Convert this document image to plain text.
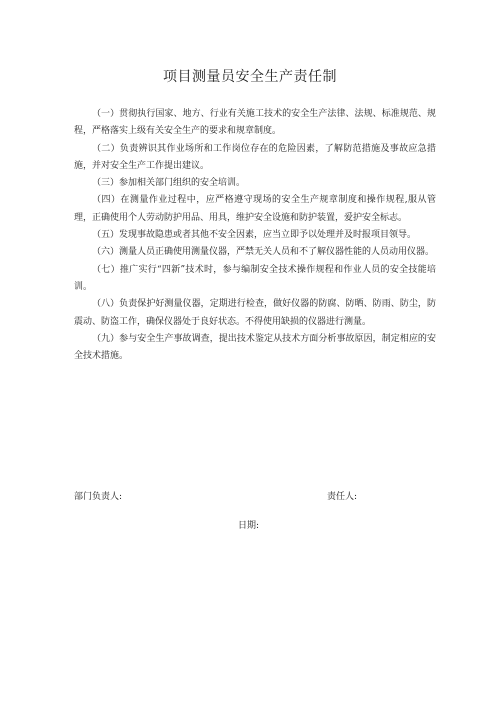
项目测量员安全生产责任制

（一）贯彻执行国家、地方、行业有关施工技术的安全生产法律、法规、标准规范、规程，严格落实上级有关安全生产的要求和规章制度。

（二）负责辨识其作业场所和工作岗位存在的危险因素，了解防范措施及事故应急措施，并对安全生产工作提出建议。

（三）参加相关部门组织的安全培训。

（四）在测量作业过程中，应严格遵守现场的安全生产规章制度和操作规程,服从管理，正确使用个人劳动防护用品、用具，维护安全设施和防护装置，爱护安全标志。

（五）发现事故隐患或者其他不安全因素，应当立即予以处理并及时报项目领导。

（六）测量人员正确使用测量仪器，严禁无关人员和不了解仪器性能的人员动用仪器。

（七）推广实行“四新”技术时，参与编制安全技术操作规程和作业人员的安全技能培训。

（八）负责保护好测量仪器，定期进行检查，做好仪器的防腐、防晒、防雨、防尘，防震动、防盗工作，确保仪器处于良好状态。不得使用缺损的仪器进行测量。

（九）参与安全生产事故调查，提出技术鉴定从技术方面分析事故原因，制定相应的安全技术措施。

部门负责人:	责任人:
日期:
